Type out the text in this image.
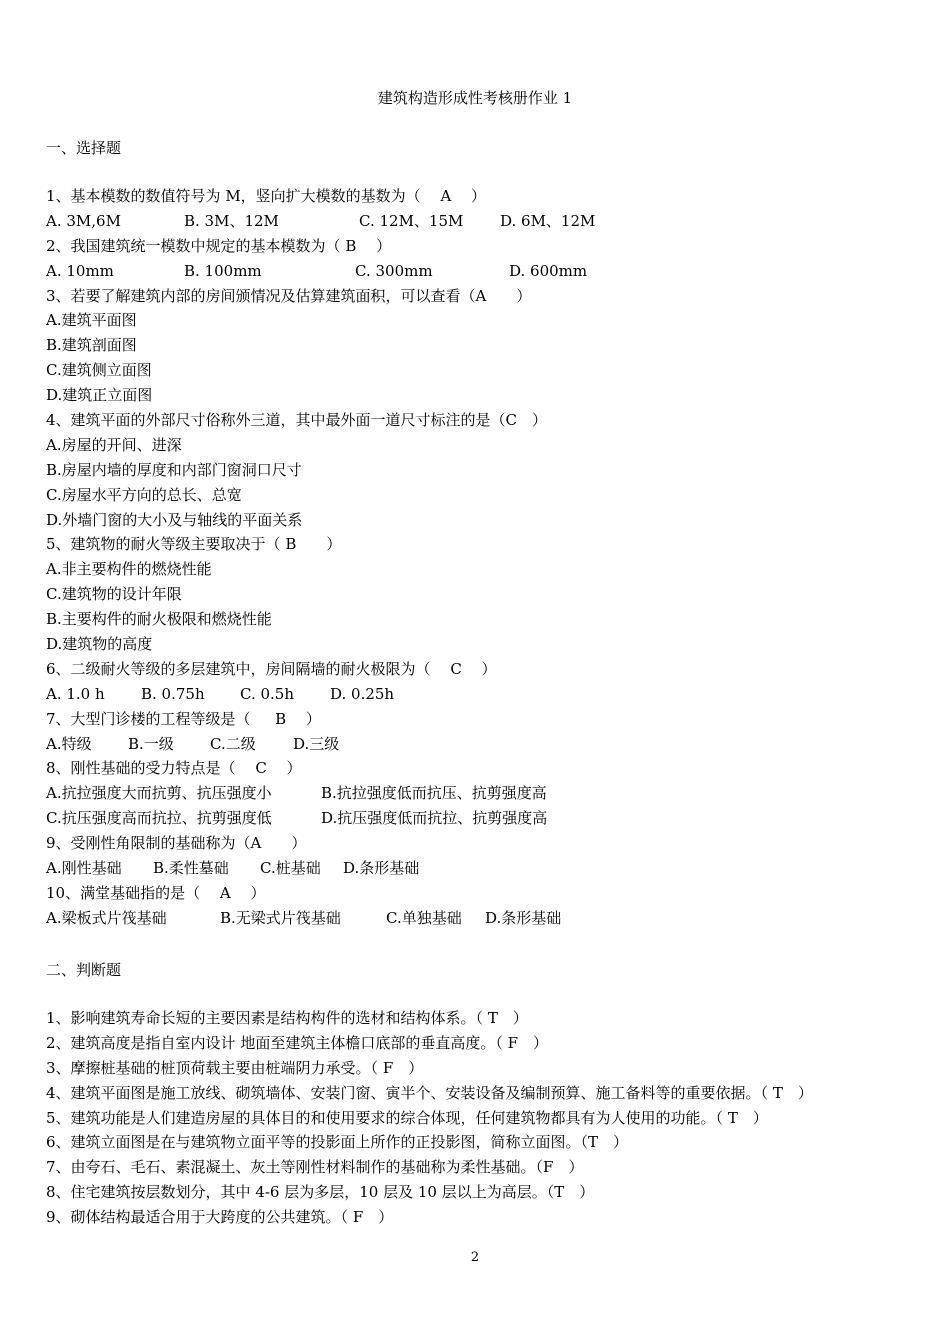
建筑构造形成性考核册作业 1
一、选择题
1、基本模数的数值符号为 M，竖向扩大模数的基数为（　 A　 ）
A. 3M,6M	B. 3M、12M	C. 12M、15M D. 6M、12M
2、我国建筑统一模数中规定的基本模数为（ B 　）
A. 10mm	B. 100mm	C. 300mm	D. 600mm
3、若要了解建筑内部的房间颁情况及估算建筑面积，可以查看（A　　）
A.建筑平面图
B.建筑剖面图
C.建筑侧立面图
D.建筑正立面图
4、建筑平面的外部尺寸俗称外三道，其中最外面一道尺寸标注的是（C　）
A.房屋的开间、进深
B.房屋内墙的厚度和内部门窗洞口尺寸
C.房屋水平方向的总长、总宽
D.外墙门窗的大小及与轴线的平面关系
5、建筑物的耐火等级主要取决于（ B　　）
A.非主要构件的燃烧性能
C.建筑物的设计年限
B.主要构件的耐火极限和燃烧性能
D.建筑物的高度
6、二级耐火等级的多层建筑中，房间隔墙的耐火极限为（ 　C　 ）
A. 1.0 h B. 0.75h C. 0.5h D. 0.25h
7、大型门诊楼的工程等级是（ 　 B　 ）
A.特级 B.一级 C.二级 D.三级
8、刚性基础的受力特点是（ 　C　 ）
A.抗拉强度大而抗剪、抗压强度小	B.抗拉强度低而抗压、抗剪强度高
C.抗压强度高而抗拉、抗剪强度低	D.抗压强度低而抗拉、抗剪强度高
9、受刚性角限制的基础称为（A　　）
A.刚性基础 B.柔性墓础 C.桩基础 D.条形基础
10、满堂基础指的是（ 　A　 ）
A.梁板式片筏基础	B.无梁式片筏基础	C.单独基础 D.条形基础
二、判断题
1、影响建筑寿命长短的主要因素是结构构件的选材和结构体系。（ T　）
2、建筑高度是指自室内设计 地面至建筑主体檐口底部的垂直高度。（ F　）
3、摩擦桩基础的桩顶荷载主要由桩端阴力承受。（ F　）
4、建筑平面图是施工放线、砌筑墙体、安装门窗、寅半个、安装设备及编制预算、施工备料等的重要依据。（ T　）
5、建筑功能是人们建造房屋的具体目的和使用要求的综合体现，任何建筑物都具有为人使用的功能。（ T　）
6、建筑立面图是在与建筑物立面平等的投影面上所作的正投影图，简称立面图。（T　）
7、由夸石、毛石、素混凝土、灰土等刚性材料制作的基础称为柔性基础。（F　）
8、住宅建筑按层数划分，其中 4-6 层为多层，10 层及 10 层以上为高层。（T　）
9、砌体结构最适合用于大跨度的公共建筑。（ F　）
2
